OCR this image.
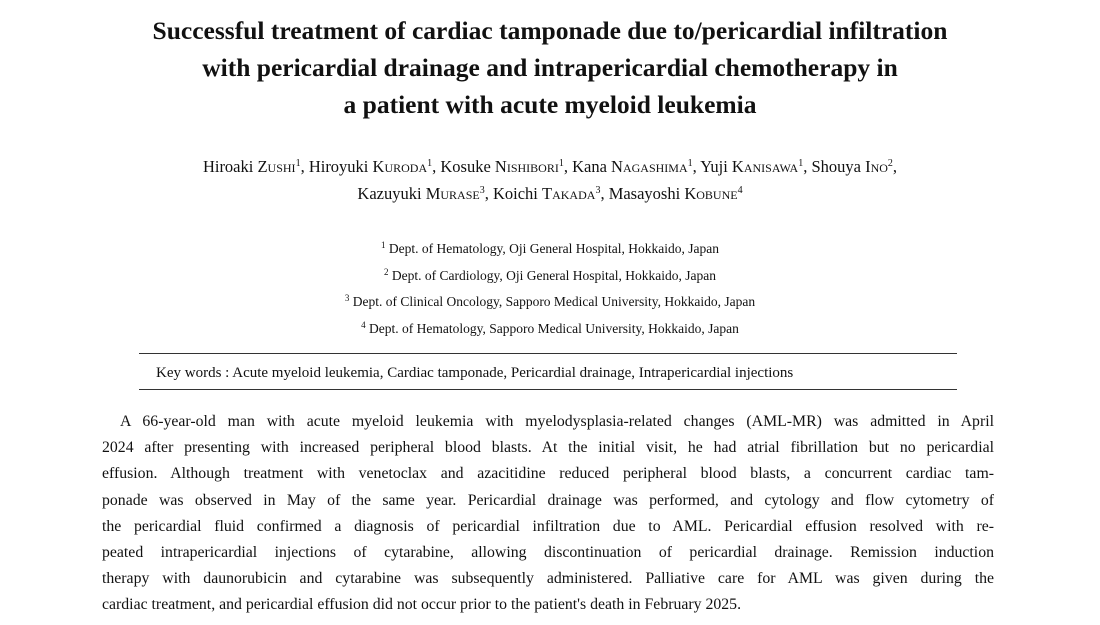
Successful treatment of cardiac tamponade due to/pericardial infiltration
with pericardial drainage and intrapericardial chemotherapy in
a patient with acute myeloid leukemia
Hiroaki Zushi$^1$, Hiroyuki Kuroda$^1$, Kosuke Nishibori$^1$, Kana Nagashima$^1$, Yuji Kanisawa$^1$, Shouya Ino$^2$,
Kazuyuki Murase$^3$, Koichi Takada$^3$, Masayoshi Kobune$^4$
$^1$ Dept. of Hematology, Oji General Hospital, Hokkaido, Japan
$^2$ Dept. of Cardiology, Oji General Hospital, Hokkaido, Japan
$^3$ Dept. of Clinical Oncology, Sapporo Medical University, Hokkaido, Japan
$^4$ Dept. of Hematology, Sapporo Medical University, Hokkaido, Japan
Key words : Acute myeloid leukemia, Cardiac tamponade, Pericardial drainage, Intrapericardial injections
A 66-year-old man with acute myeloid leukemia with myelodysplasia-related changes (AML-MR) was admitted in April
2024 after presenting with increased peripheral blood blasts. At the initial visit, he had atrial fibrillation but no pericardial
effusion. Although treatment with venetoclax and azacitidine reduced peripheral blood blasts, a concurrent cardiac tam-
ponade was observed in May of the same year. Pericardial drainage was performed, and cytology and flow cytometry of
the pericardial fluid confirmed a diagnosis of pericardial infiltration due to AML. Pericardial effusion resolved with re-
peated intrapericardial injections of cytarabine, allowing discontinuation of pericardial drainage. Remission induction
therapy with daunorubicin and cytarabine was subsequently administered. Palliative care for AML was given during the
cardiac treatment, and pericardial effusion did not occur prior to the patient's death in February 2025.
